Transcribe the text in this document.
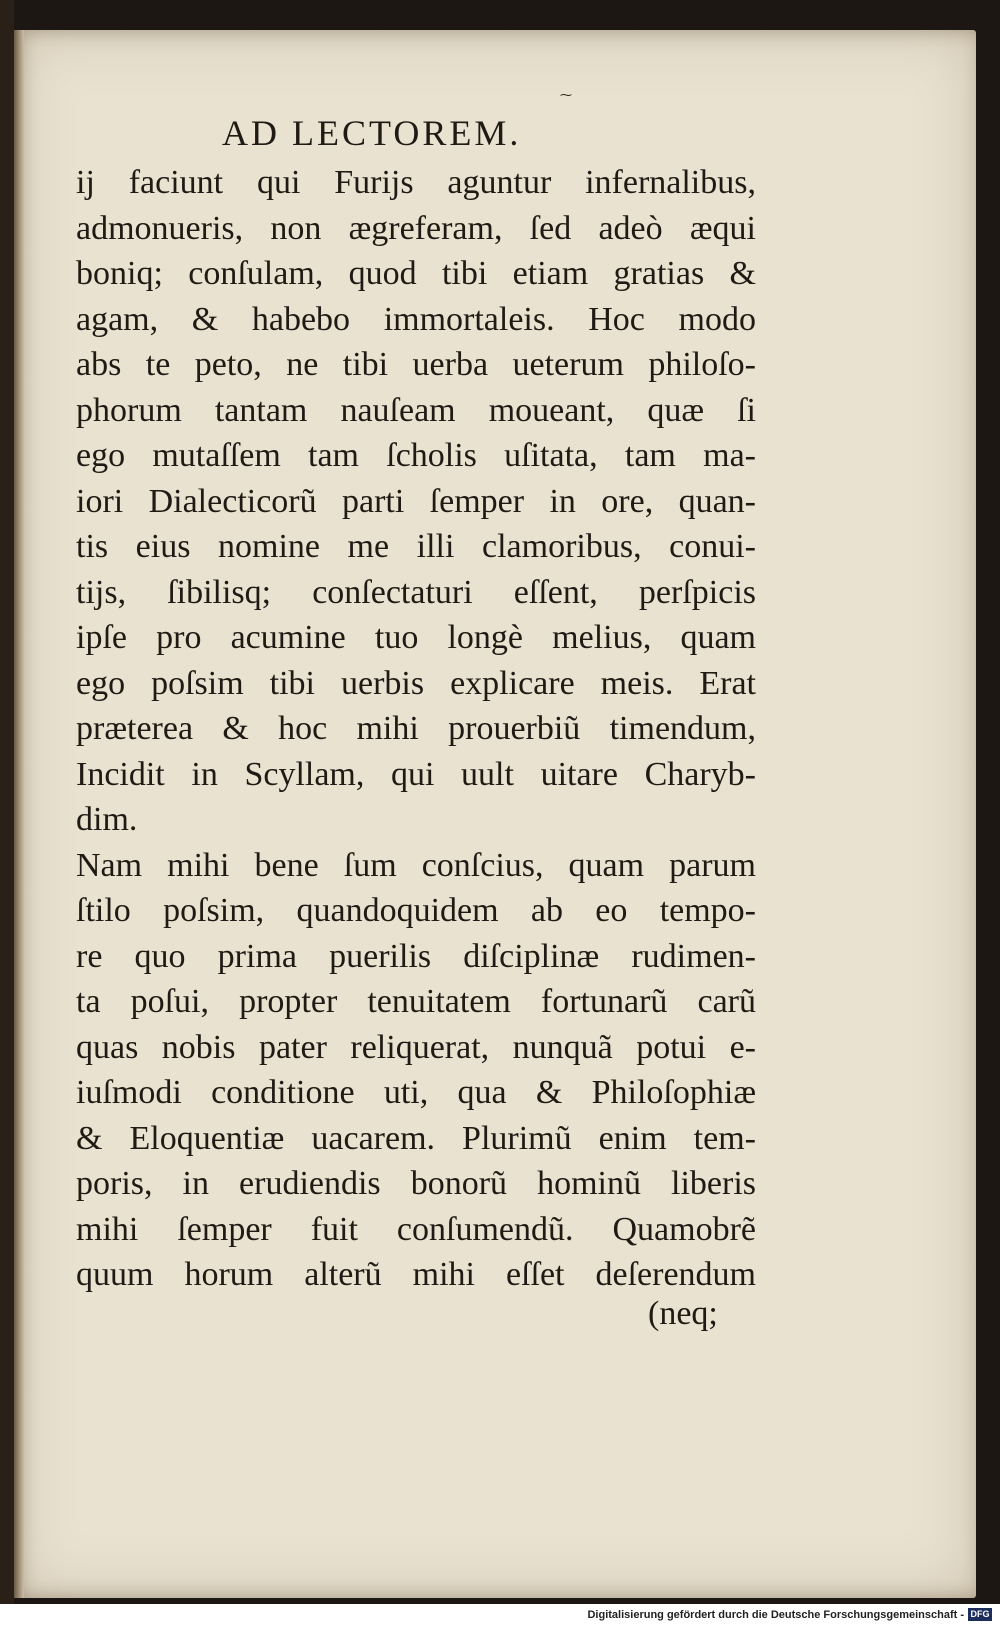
⁓
AD LECTOREM.
ij faciunt qui Furijs aguntur infernalibus,
admonueris, non ægreferam, ſed adeò æqui
boniq; conſulam, quod tibi etiam gratias &
agam, & habebo immortaleis. Hoc modo
abs te peto, ne tibi uerba ueterum philoſo-
phorum tantam nauſeam moueant, quæ ſi
ego mutaſſem tam ſcholis uſitata, tam ma-
iori Dialecticorũ parti ſemper in ore, quan-
tis eius nomine me illi clamoribus, conui-
tijs, ſibilisq; conſectaturi eſſent, perſpicis
ipſe pro acumine tuo longè melius, quam
ego poſsim tibi uerbis explicare meis. Erat
præterea & hoc mihi prouerbiũ timendum,
Incidit in Scyllam, qui uult uitare Charyb-
dim.
Nam mihi bene ſum conſcius, quam parum
ſtilo poſsim, quandoquidem ab eo tempo-
re quo prima puerilis diſciplinæ rudimen-
ta poſui, propter tenuitatem fortunarũ carũ
quas nobis pater reliquerat, nunquã potui e-
iuſmodi conditione uti, qua & Philoſophiæ
& Eloquentiæ uacarem. Plurimũ enim tem-
poris, in erudiendis bonorũ hominũ liberis
mihi ſemper fuit conſumendũ. Quamobrẽ
quum horum alterũ mihi eſſet deſerendum
(neq;
Digitalisierung gefördert durch die Deutsche Forschungsgemeinschaft - DFG
